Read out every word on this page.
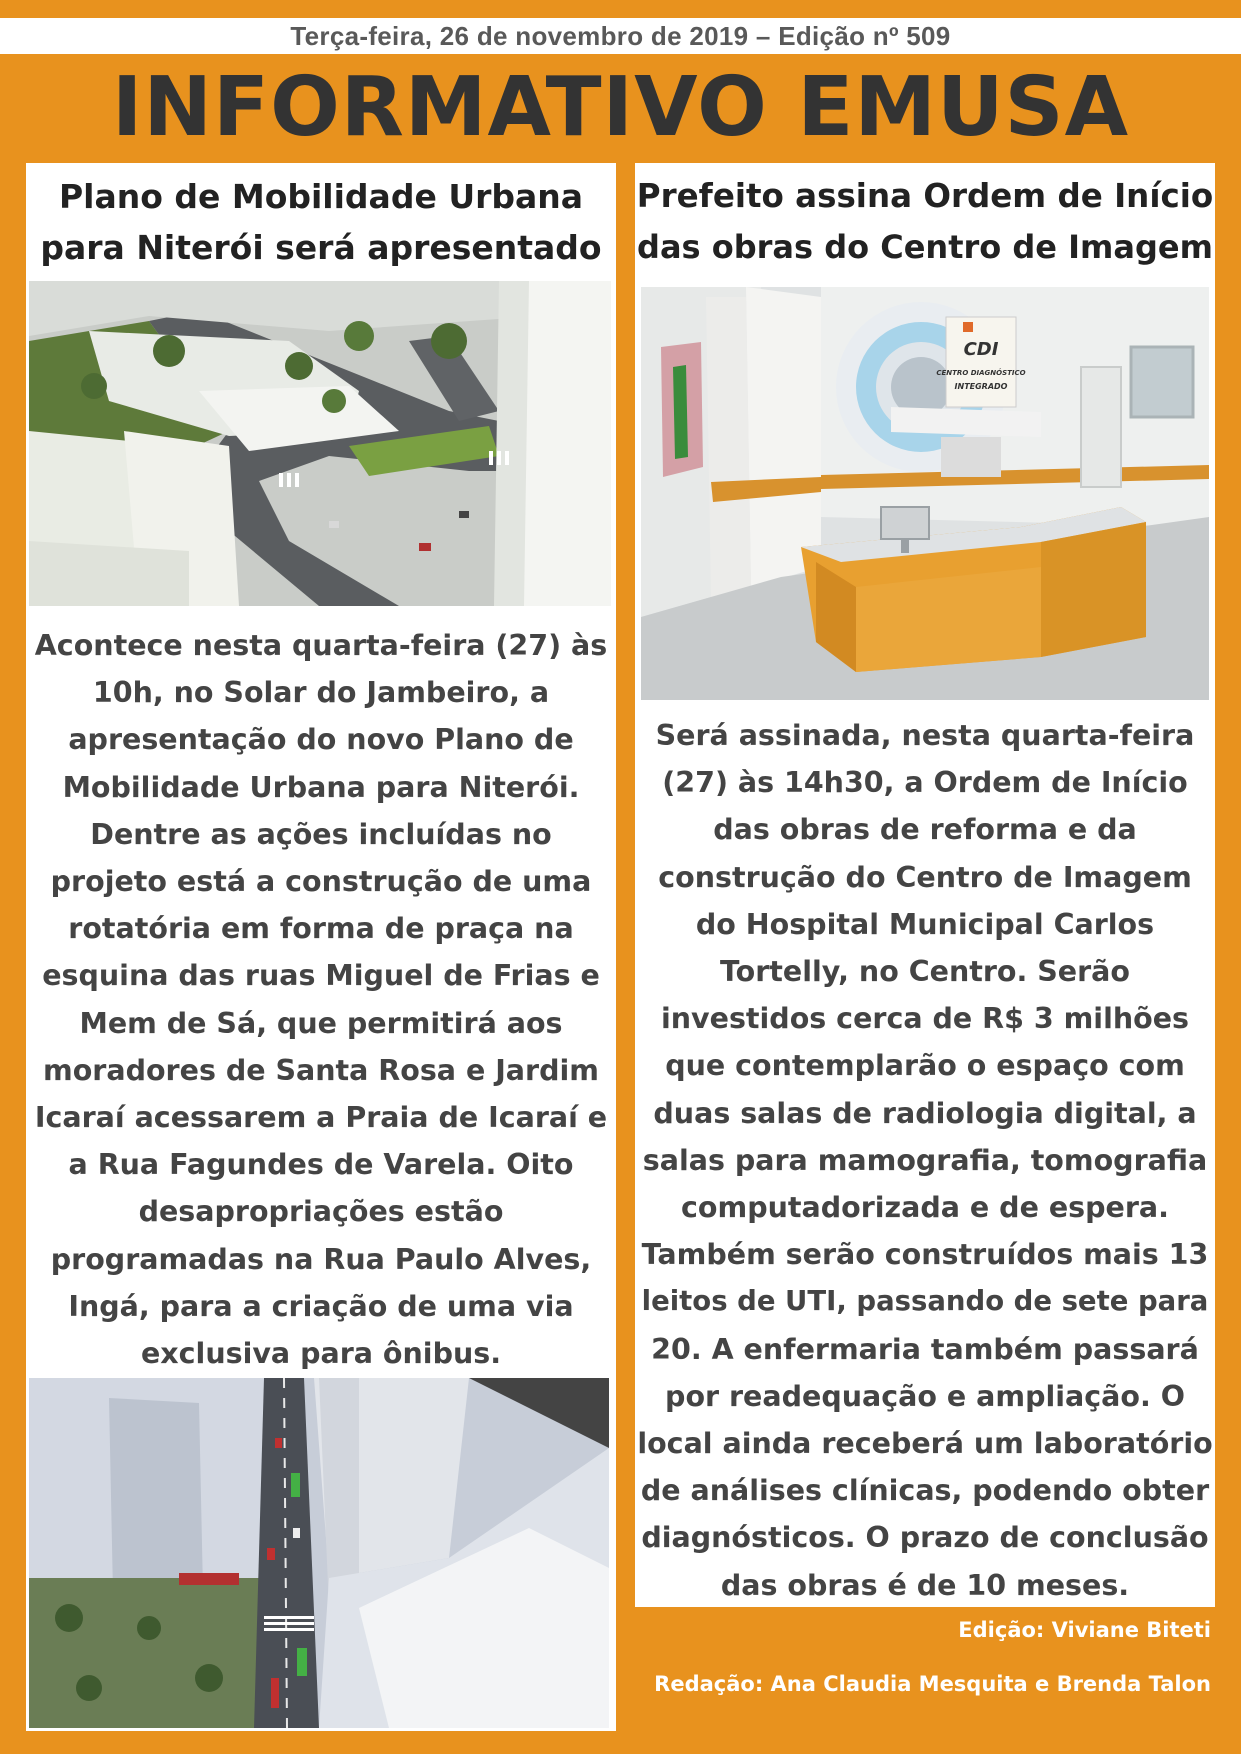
Terça-feira, 26 de novembro de 2019 – Edição nº 509
INFORMATIVO EMUSA
Plano de Mobilidade Urbana
para Niterói será apresentado
Acontece nesta quarta-feira (27) às
10h, no Solar do Jambeiro, a
apresentação do novo Plano de
Mobilidade Urbana para Niterói.
Dentre as ações incluídas no
projeto está a construção de uma
rotatória em forma de praça na
esquina das ruas Miguel de Frias e
Mem de Sá, que permitirá aos
moradores de Santa Rosa e Jardim
Icaraí acessarem a Praia de Icaraí e
a Rua Fagundes de Varela. Oito
desapropriações estão
programadas na Rua Paulo Alves,
Ingá, para a criação de uma via
exclusiva para ônibus.
Prefeito assina Ordem de Início
das obras do Centro de Imagem
CDI
CENTRO DIAGNÓSTICO
INTEGRADO
Será assinada, nesta quarta-feira
(27) às 14h30, a Ordem de Início
das obras de reforma e da
construção do Centro de Imagem
do Hospital Municipal Carlos
Tortelly, no Centro. Serão
investidos cerca de R$ 3 milhões
que contemplarão o espaço com
duas salas de radiologia digital, a
salas para mamografia, tomografia
computadorizada e de espera.
Também serão construídos mais 13
leitos de UTI, passando de sete para
20. A enfermaria também passará
por readequação e ampliação. O
local ainda receberá um laboratório
de análises clínicas, podendo obter
diagnósticos. O prazo de conclusão
das obras é de 10 meses.
Edição: Viviane Biteti
Redação: Ana Claudia Mesquita e Brenda Talon
